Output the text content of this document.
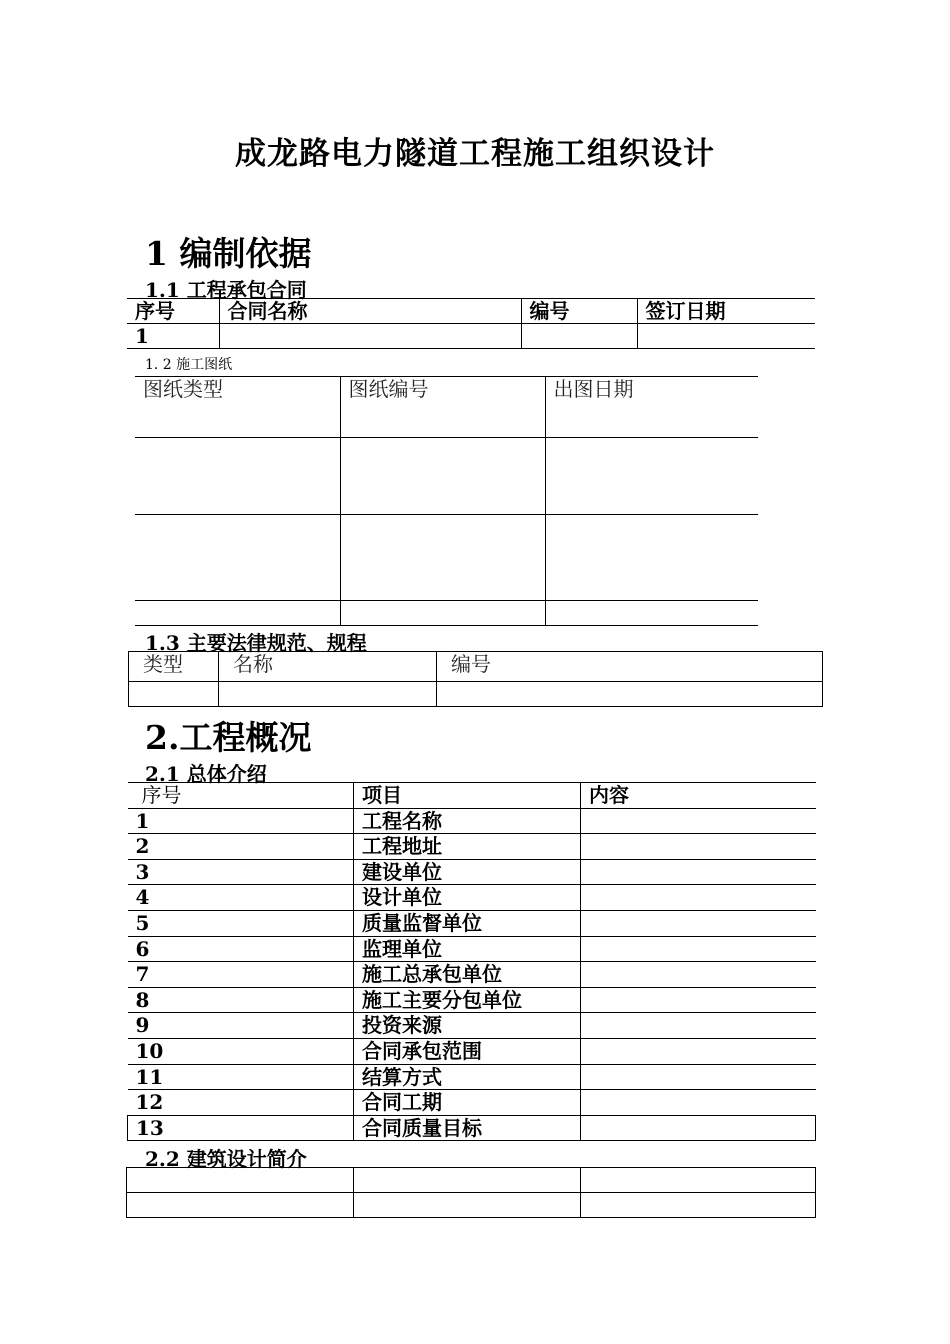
成龙路电力隧道工程施工组织设计
1 编制依据
1.1 工程承包合同
序号	合同名称	编号	签订日期
1			
1. 2 施工图纸
图纸类型	图纸编号	出图日期

1.3 主要法律规范、规程
类型	名称	编号

2.工程概况
2.1 总体介绍
序号	项目	内容
1	工程名称	
2	工程地址	
3	建设单位	
4	设计单位	
5	质量监督单位	
6	监理单位	
7	施工总承包单位	
8	施工主要分包单位	
9	投资来源	
10	合同承包范围	
11	结算方式	
12	合同工期	
13	合同质量目标	
2.2 建筑设计简介
